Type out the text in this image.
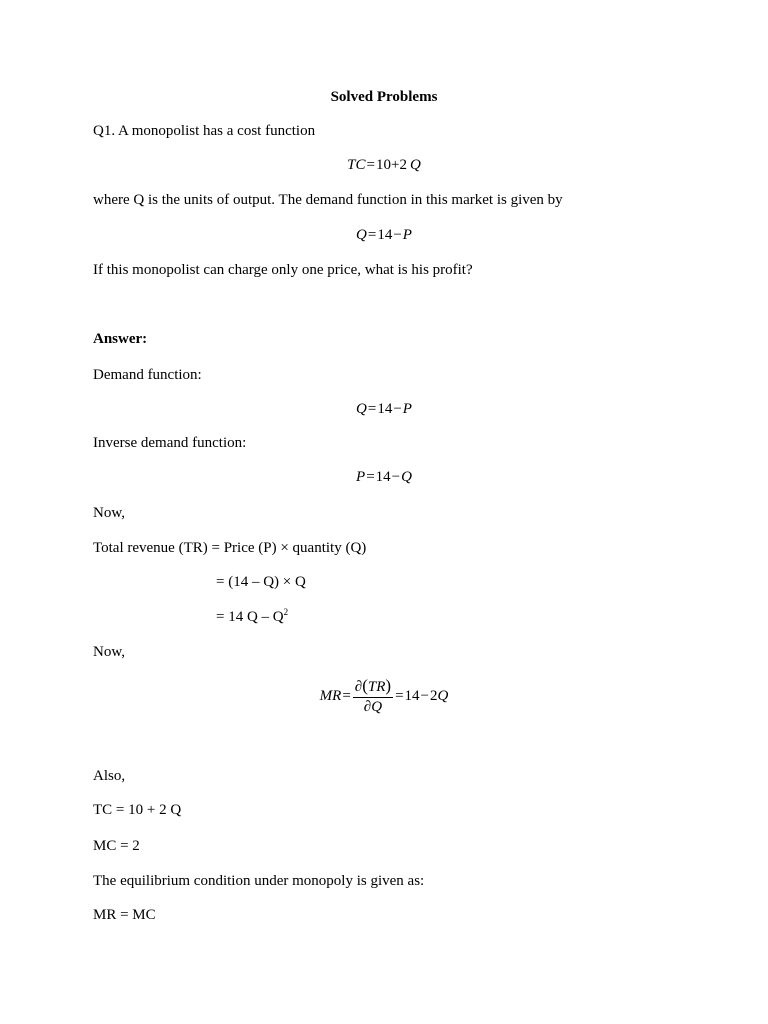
Solved Problems
Q1. A monopolist has a cost function
TC=10+2  Q
where Q is the units of output. The demand function in this market is given by
Q=14−P
If this monopolist can charge only one price, what is his profit?
Answer:
Demand function:
Q=14−P
Inverse demand function:
P=14−Q
Now,
Total revenue (TR) = Price (P) × quantity (Q)
= (14 – Q) × Q
= 14 Q – $Q^2$
Now,
MR = $\frac{\partial(TR)}{\partial Q} = 14 - 2$ Q
Also,
TC = 10 + 2 Q
MC = 2
The equilibrium condition under monopoly is given as:
MR = MC
